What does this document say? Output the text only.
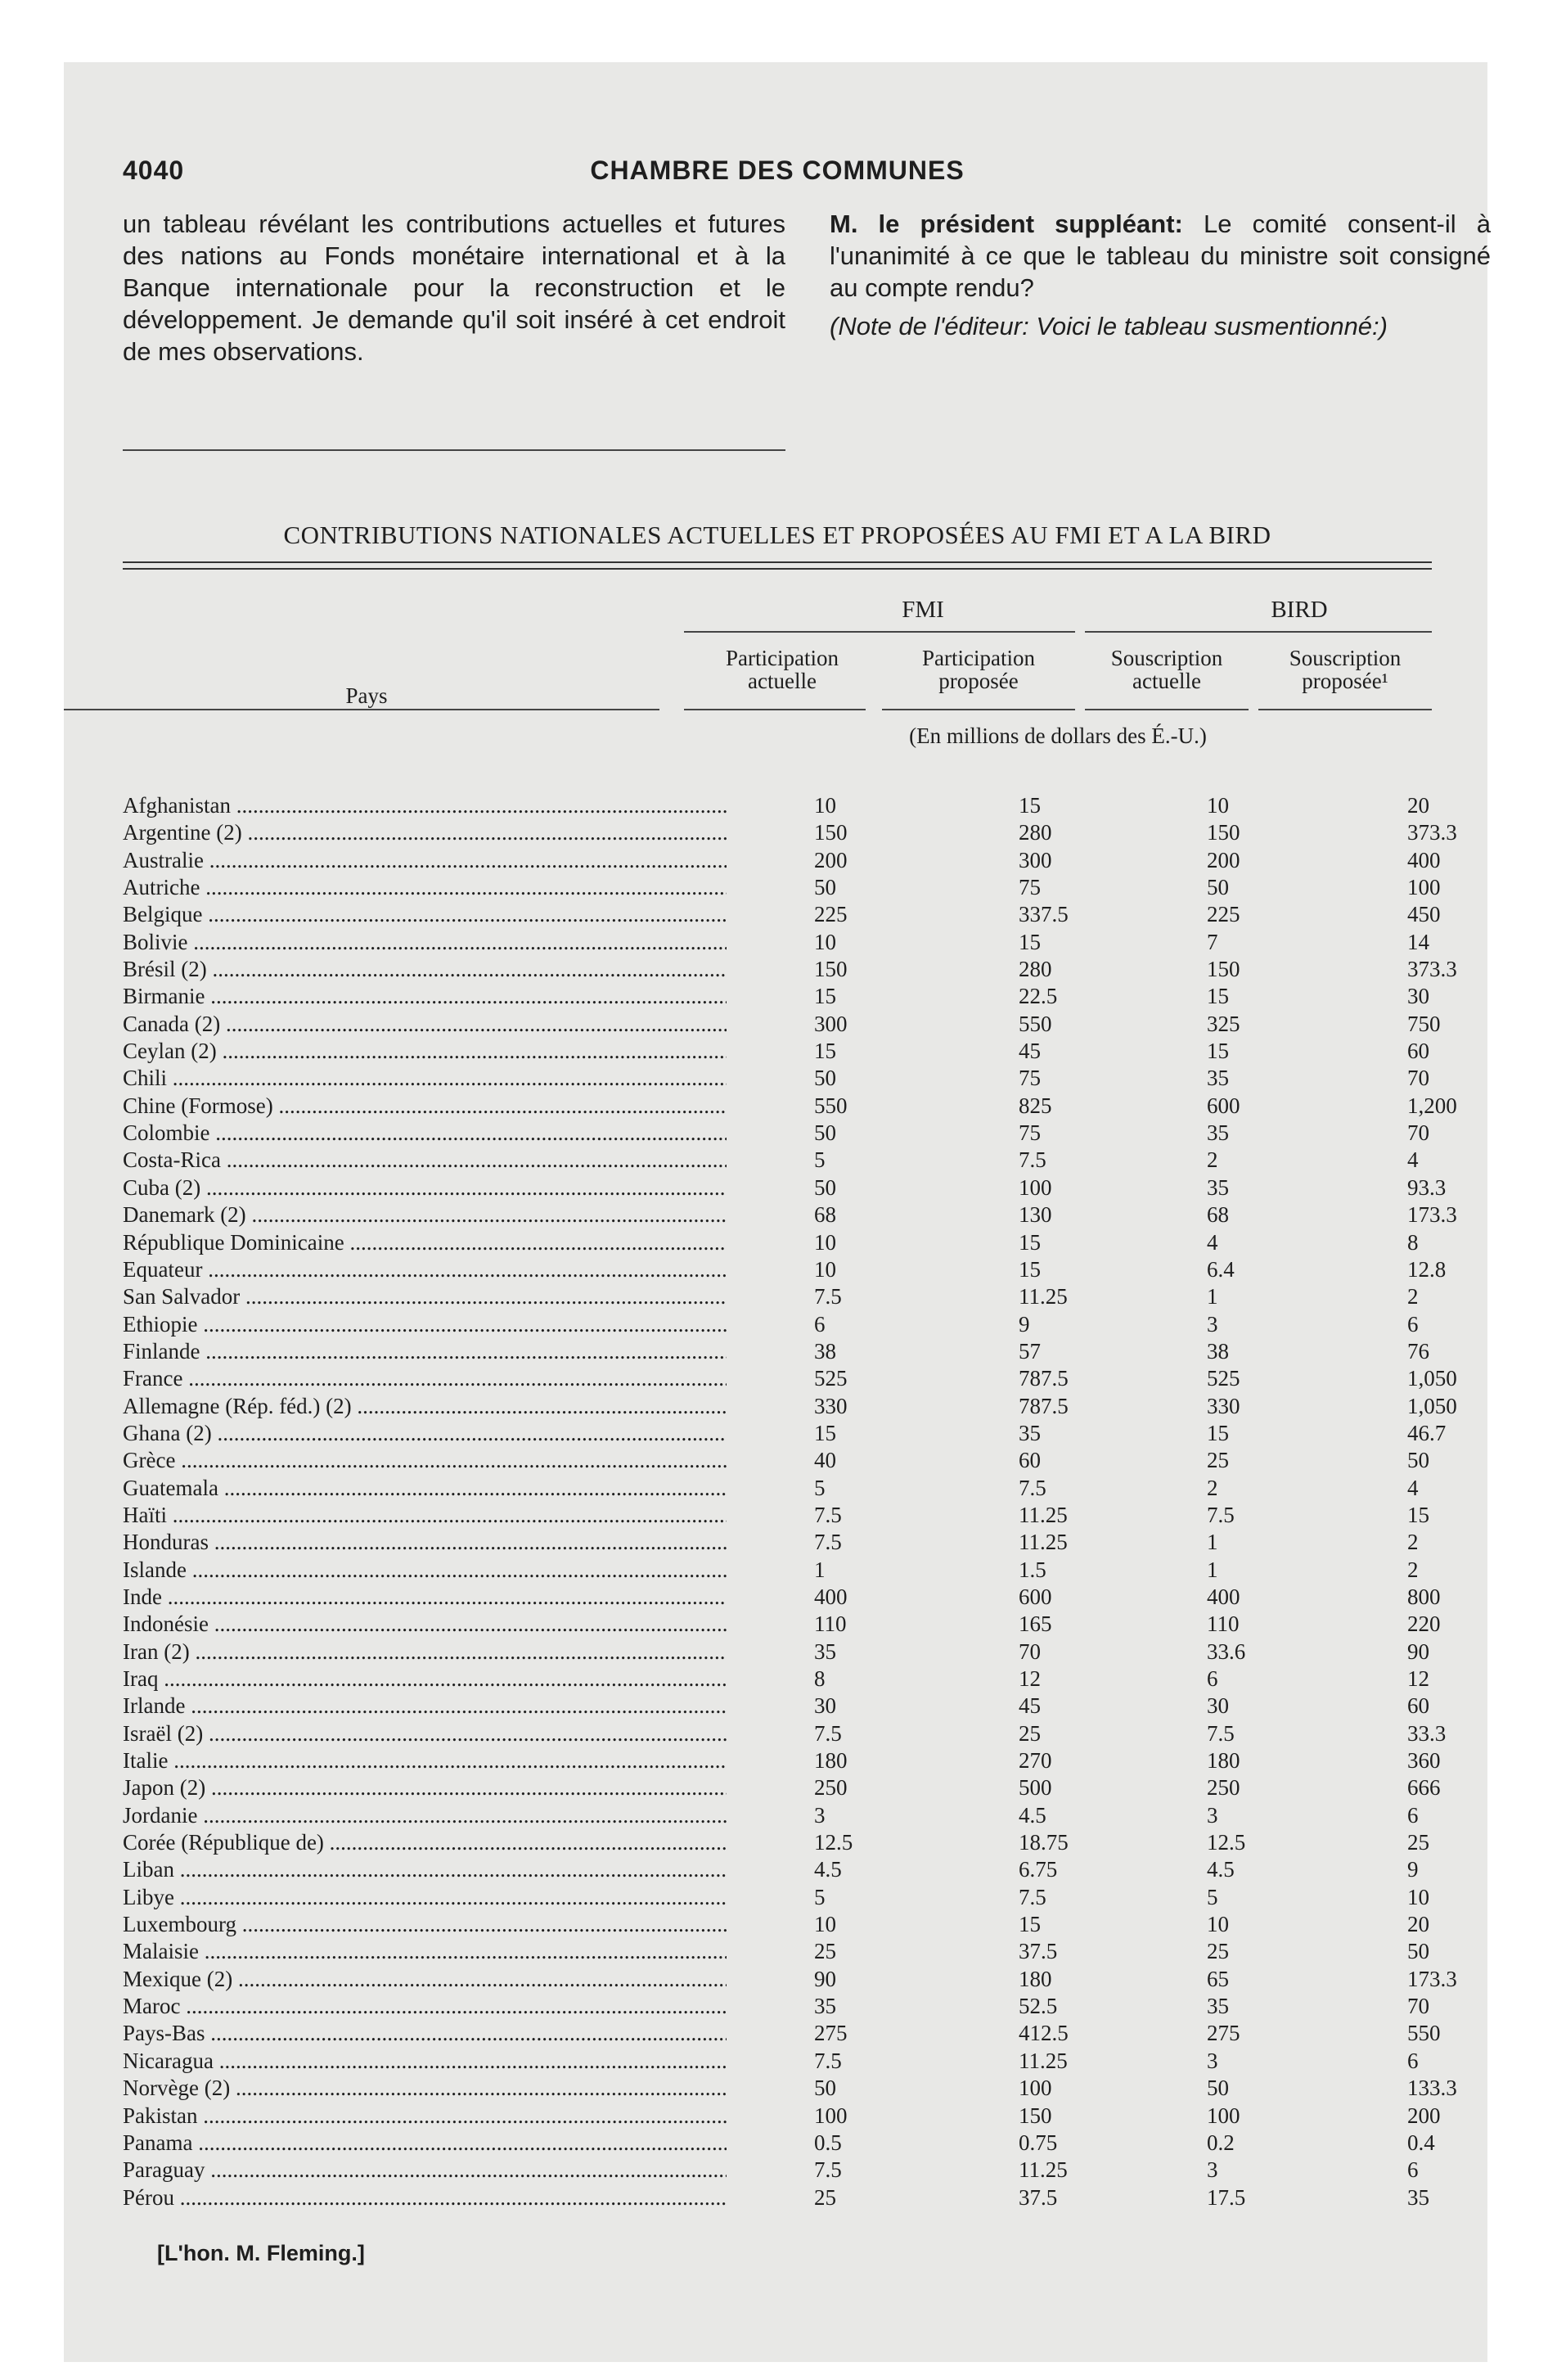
4040	CHAMBRE DES COMMUNES

un tableau révélant les contributions actuelles et futures des nations au Fonds monétaire international et à la Banque internationale pour la reconstruction et le développement. Je demande qu'il soit inséré à cet endroit de mes observations.

M. le président suppléant: Le comité consent-il à l'unanimité à ce que le tableau du ministre soit consigné au compte rendu?

(Note de l'éditeur: Voici le tableau susmentionné:)

CONTRIBUTIONS NATIONALES ACTUELLES ET PROPOSÉES AU FMI ET A LA BIRD
FMI	BIRD
Pays
Participation
actuelle
Participation
proposée
Souscription
actuelle
Souscription
proposée¹
(En millions de dollars des É.-U.)
Afghanistan .....	10	15	10	20
Argentine (2) .....	150	280	150	373.3
Australie .....	200	300	200	400
Autriche .....	50	75	50	100
Belgique .....	225	337.5	225	450
Bolivie .....	10	15	7	14
Brésil (2) .....	150	280	150	373.3
Birmanie .....	15	22.5	15	30
Canada (2) .....	300	550	325	750
Ceylan (2) .....	15	45	15	60
Chili .....	50	75	35	70
Chine (Formose) .....	550	825	600	1,200
Colombie .....	50	75	35	70
Costa-Rica .....	5	7.5	2	4
Cuba (2) .....	50	100	35	93.3
Danemark (2) .....	68	130	68	173.3
République Dominicaine .....	10	15	4	8
Equateur .....	10	15	6.4	12.8
San Salvador .....	7.5	11.25	1	2
Ethiopie .....	6	9	3	6
Finlande .....	38	57	38	76
France .....	525	787.5	525	1,050
Allemagne (Rép. féd.) (2) .....	330	787.5	330	1,050
Ghana (2) .....	15	35	15	46.7
Grèce .....	40	60	25	50
Guatemala .....	5	7.5	2	4
Haïti .....	7.5	11.25	7.5	15
Honduras .....	7.5	11.25	1	2
Islande .....	1	1.5	1	2
Inde .....	400	600	400	800
Indonésie .....	110	165	110	220
Iran (2) .....	35	70	33.6	90
Iraq .....	8	12	6	12
Irlande .....	30	45	30	60
Israël (2) .....	7.5	25	7.5	33.3
Italie .....	180	270	180	360
Japon (2) .....	250	500	250	666
Jordanie .....	3	4.5	3	6
Corée (République de) .....	12.5	18.75	12.5	25
Liban .....	4.5	6.75	4.5	9
Libye .....	5	7.5	5	10
Luxembourg .....	10	15	10	20
Malaisie .....	25	37.5	25	50
Mexique (2) .....	90	180	65	173.3
Maroc .....	35	52.5	35	70
Pays-Bas .....	275	412.5	275	550
Nicaragua .....	7.5	11.25	3	6
Norvège (2) .....	50	100	50	133.3
Pakistan .....	100	150	100	200
Panama .....	0.5	0.75	0.2	0.4
Paraguay .....	7.5	11.25	3	6
Pérou .....	25	37.5	17.5	35
[L'hon. M. Fleming.]
